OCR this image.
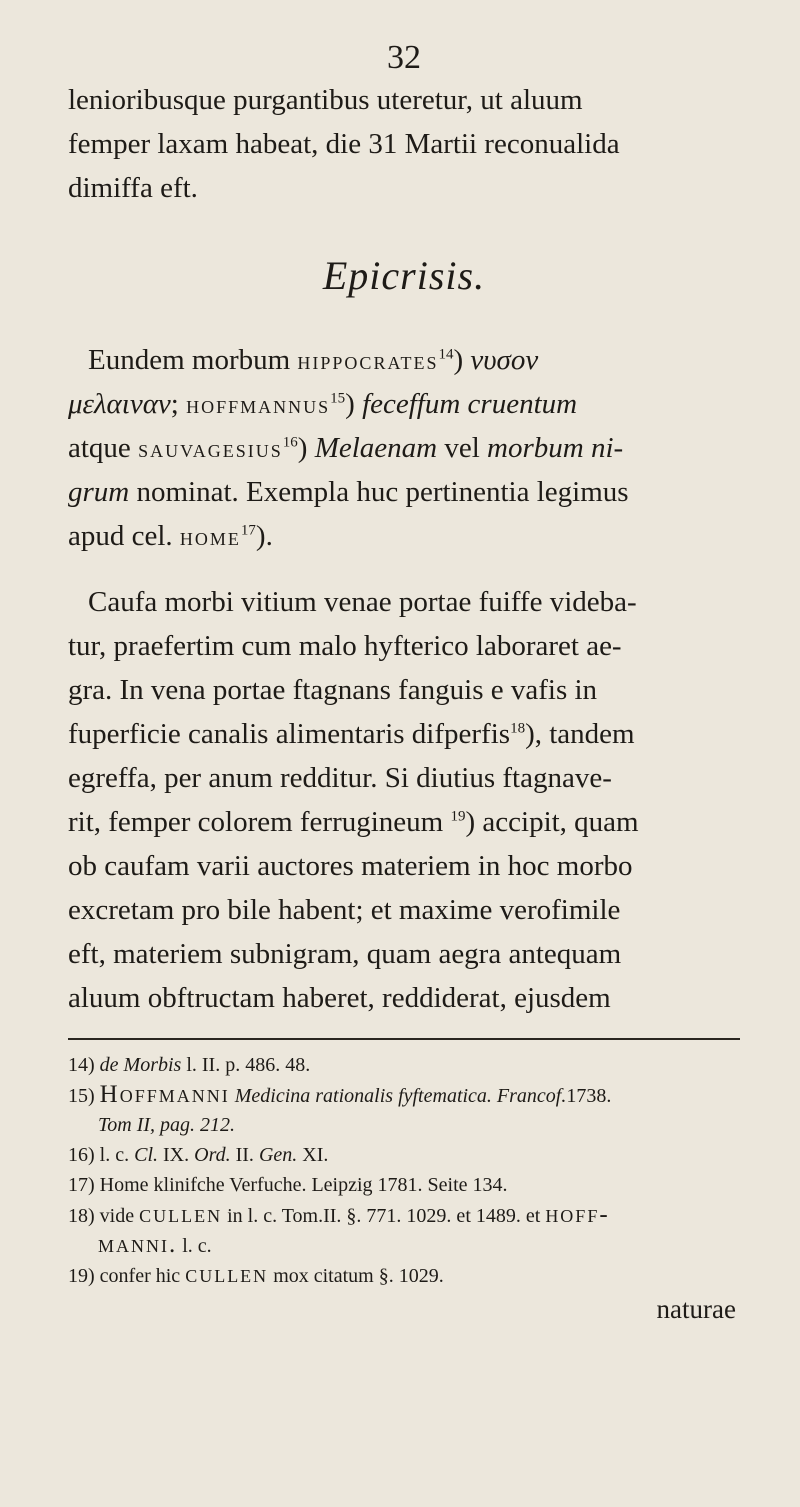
32
lenioribusque purgantibus uteretur, ut aluum
femper laxam habeat, die 31 Martii reconualida
dimiffa eft.
Epicrisis.
Eundem morbum hippocrates$^{14}$) νυσον
μελαιναν; hoffmannus$^{15}$) feceffum cruentum
atque sauvagesius$^{16}$) Melaenam vel morbum ni-
grum nominat. Exempla huc pertinentia legimus
apud cel. home$^{17}$).
Caufa morbi vitium venae portae fuiffe videba-
tur, praefertim cum malo hyfterico laboraret ae-
gra. In vena portae ftagnans fanguis e vafis in
fuperficie canalis alimentaris difperfis$^{18}$), tandem
egreffa, per anum redditur. Si diutius ftagnave-
rit, femper colorem ferrugineum $^{19}$) accipit, quam
ob caufam varii auctores materiem in hoc morbo
excretam pro bile habent; et maxime verofimile
eft, materiem subnigram, quam aegra antequam
aluum obftructam haberet, reddiderat, ejusdem
14) de Morbis l. II. p. 486. 48.
15) Hoffmanni Medicina rationalis fyftematica. Francof.1738.
Tom II, pag. 212.
16) l. c. Cl. IX. Ord. II. Gen. XI.
17) Home klinifche Verfuche. Leipzig 1781. Seite 134.
18) vide cullen in l. c. Tom.II. §. 771. 1029. et 1489. et hoff-
manni. l. c.
19) confer hic cullen mox citatum §. 1029.
naturae
